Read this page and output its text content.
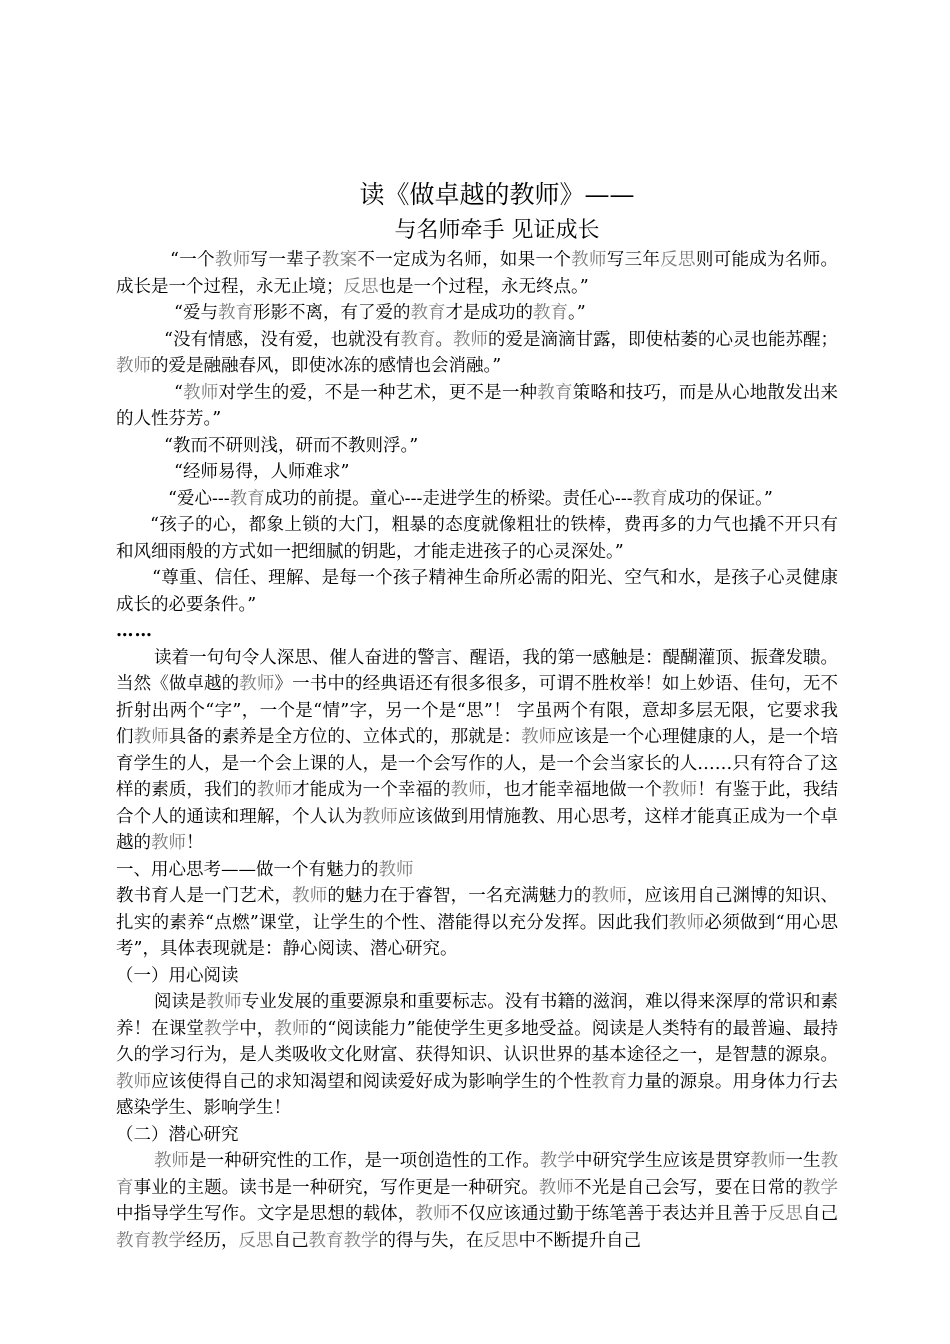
读《做卓越的教师》——
与名师牵手 见证成长

“一个教师写一辈子教案不一定成为名师，如果一个教师写三年反思则可能成为名师。成长是一个过程，永无止境；反思也是一个过程，永无终点。”

“爱与教育形影不离，有了爱的教育才是成功的教育。”

“没有情感，没有爱，也就没有教育。教师的爱是滴滴甘露，即使枯萎的心灵也能苏醒；教师的爱是融融春风，即使冰冻的感情也会消融。”

“教师对学生的爱，不是一种艺术，更不是一种教育策略和技巧，而是从心地散发出来的人性芬芳。”

“教而不研则浅，研而不教则浮。”

“经师易得，人师难求”

“爱心---教育成功的前提。童心---走进学生的桥梁。责任心---教育成功的保证。”

“孩子的心，都象上锁的大门，粗暴的态度就像粗壮的铁棒，费再多的力气也撬不开只有和风细雨般的方式如一把细腻的钥匙，才能走进孩子的心灵深处。”

“尊重、信任、理解、是每一个孩子精神生命所必需的阳光、空气和水，是孩子心灵健康成长的必要条件。”

……

读着一句句令人深思、催人奋进的警言、醒语，我的第一感触是：醍醐灌顶、振聋发聩。当然《做卓越的教师》一书中的经典语还有很多很多，可谓不胜枚举！如上妙语、佳句，无不折射出两个“字”，一个是“情”字，另一个是“思”！ 字虽两个有限，意却多层无限，它要求我们教师具备的素养是全方位的、立体式的，那就是：教师应该是一个心理健康的人，是一个培育学生的人，是一个会上课的人，是一个会写作的人，是一个会当家长的人……只有符合了这样的素质，我们的教师才能成为一个幸福的教师，也才能幸福地做一个教师！有鉴于此，我结合个人的通读和理解，个人认为教师应该做到用情施教、用心思考，这样才能真正成为一个卓越的教师！

一、用心思考——做一个有魅力的教师

教书育人是一门艺术，教师的魅力在于睿智，一名充满魅力的教师，应该用自己渊博的知识、扎实的素养“点燃”课堂，让学生的个性、潜能得以充分发挥。因此我们教师必须做到“用心思考”，具体表现就是：静心阅读、潜心研究。

（一）用心阅读

阅读是教师专业发展的重要源泉和重要标志。没有书籍的滋润，难以得来深厚的常识和素养！在课堂教学中，教师的“阅读能力”能使学生更多地受益。阅读是人类特有的最普遍、最持久的学习行为，是人类吸收文化财富、获得知识、认识世界的基本途径之一，是智慧的源泉。教师应该使得自己的求知渴望和阅读爱好成为影响学生的个性教育力量的源泉。用身体力行去感染学生、影响学生！

（二）潜心研究

教师是一种研究性的工作，是一项创造性的工作。教学中研究学生应该是贯穿教师一生教育事业的主题。读书是一种研究，写作更是一种研究。教师不光是自己会写，要在日常的教学中指导学生写作。文字是思想的载体，教师不仅应该通过勤于练笔善于表达并且善于反思自己教育教学经历，反思自己教育教学的得与失，在反思中不断提升自己
